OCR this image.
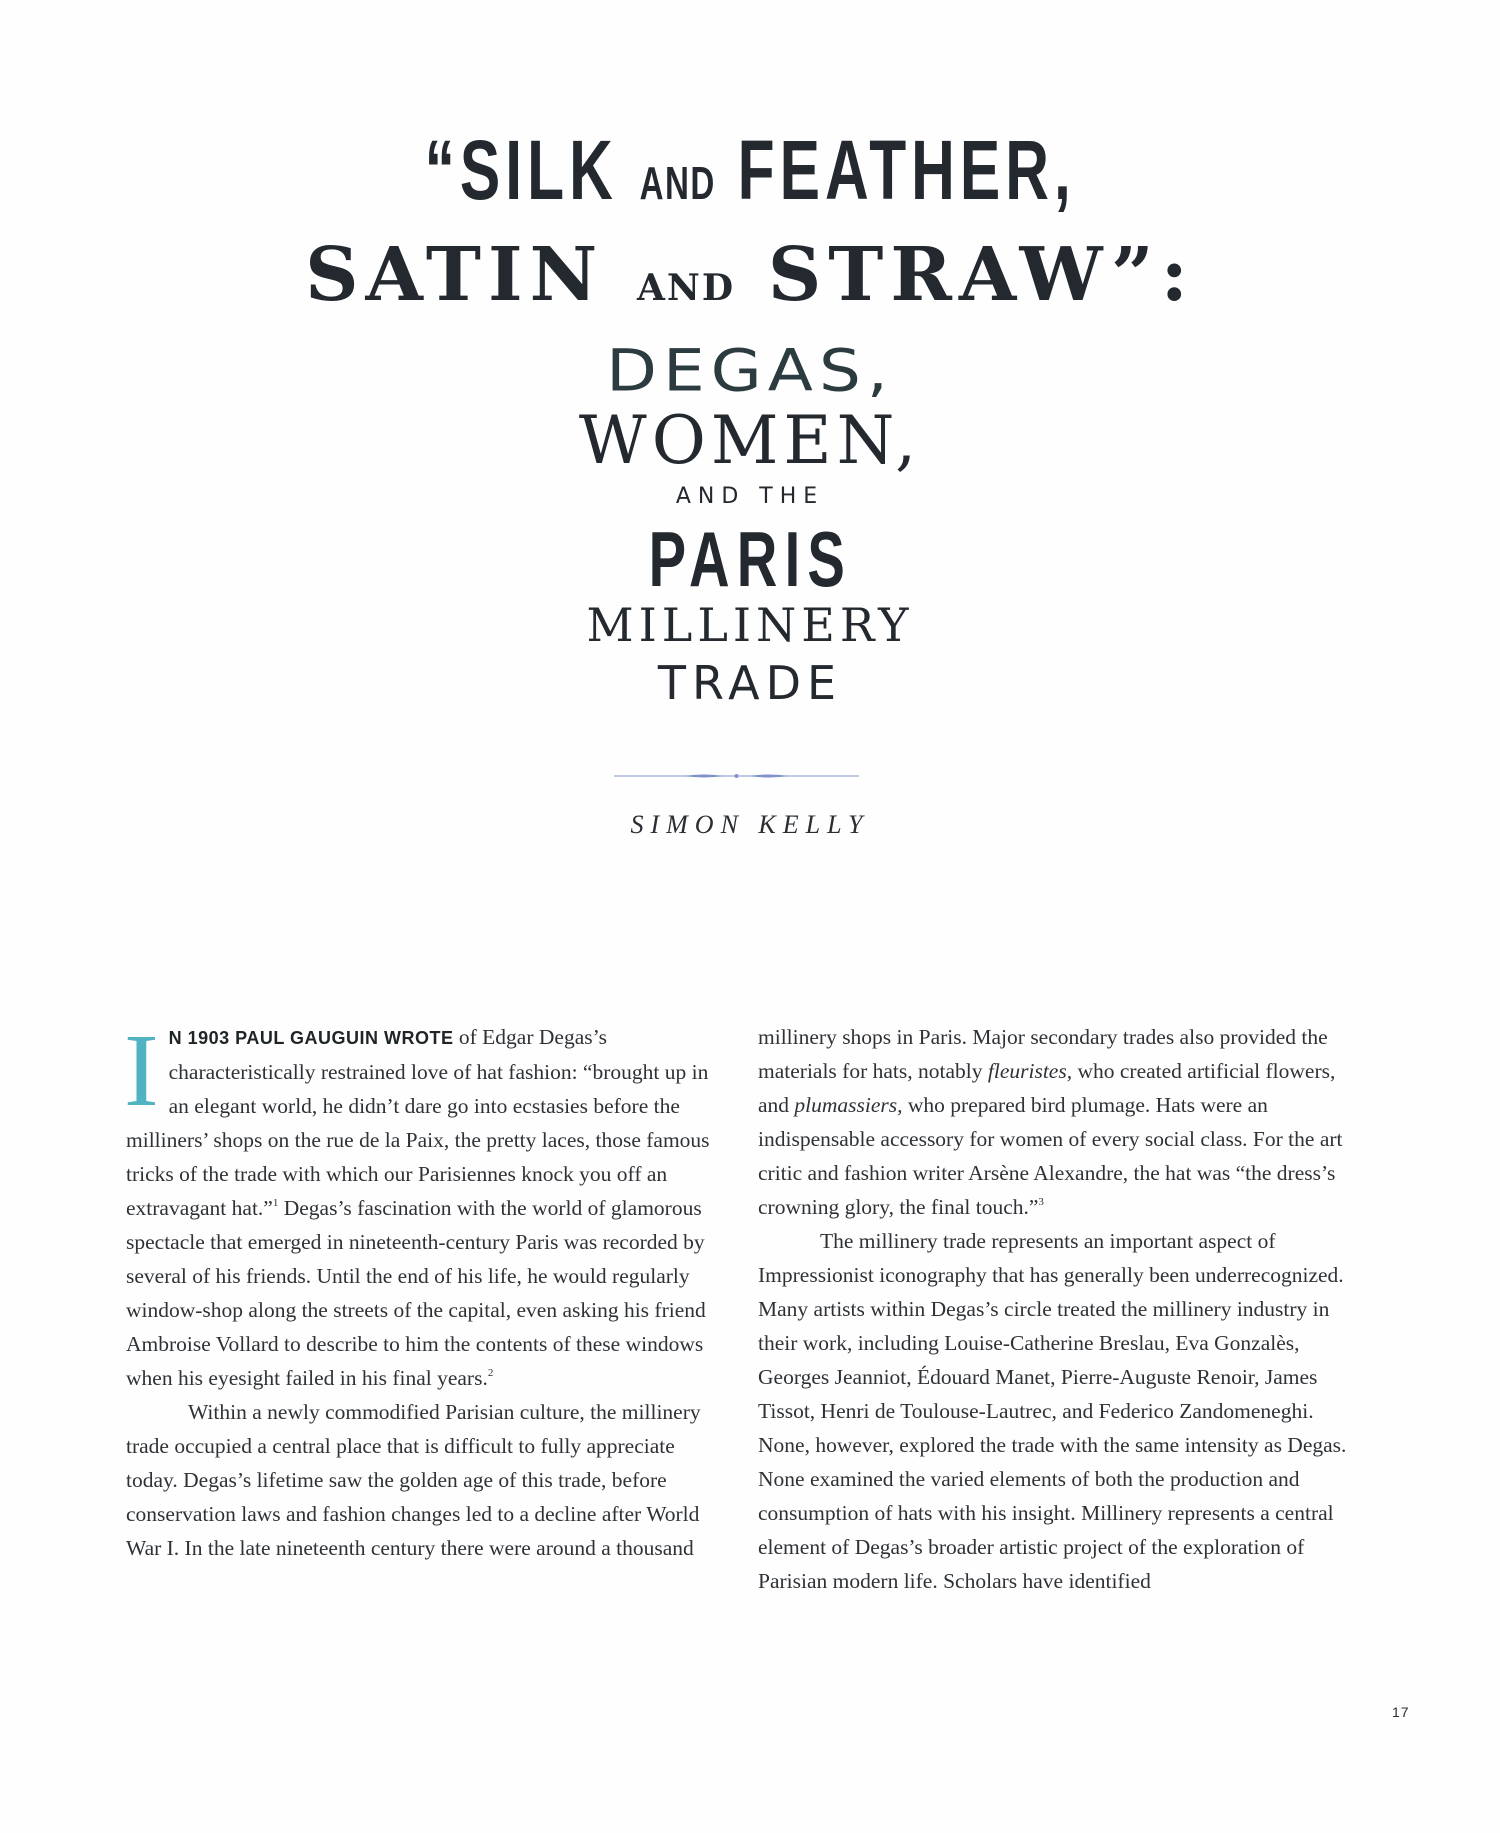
“SILK AND FEATHER,
SATIN AND STRAW”:
DEGAS,
WOMEN,
AND THE
PARIS
MILLINERY
TRADE
SIMON KELLY

I N 1903 PAUL GAUGUIN WROTE of Edgar Degas’s characteristically restrained love of hat fashion: “brought up in an elegant world, he didn’t dare go into ecstasies before the milliners’ shops on the rue de la Paix, the pretty laces, those famous tricks of the trade with which our Parisiennes knock you off an extravagant hat.”$^1$ Degas’s fascination with the world of glamorous spectacle that emerged in nineteenth-century Paris was recorded by several of his friends. Until the end of his life, he would regularly window-shop along the streets of the capital, even asking his friend Ambroise Vollard to describe to him the contents of these windows when his eyesight failed in his final years.$^2$

Within a newly commodified Parisian culture, the millinery trade occupied a central place that is difficult to fully appreciate today. Degas’s lifetime saw the golden age of this trade, before conservation laws and fashion changes led to a decline after World War I. In the late nineteenth century there were around a thousand

millinery shops in Paris. Major secondary trades also provided the materials for hats, notably fleuristes, who created artificial flowers, and plumassiers, who prepared bird plumage. Hats were an indispensable accessory for women of every social class. For the art critic and fashion writer Arsène Alexandre, the hat was “the dress’s crowning glory, the final touch.”$^3$

The millinery trade represents an important aspect of Impressionist iconography that has generally been underrecognized. Many artists within Degas’s circle treated the millinery industry in their work, including Louise-Catherine Breslau, Eva Gonzalès, Georges Jeanniot, Édouard Manet, Pierre-Auguste Renoir, James Tissot, Henri de Toulouse-Lautrec, and Federico Zandomeneghi. None, however, explored the trade with the same intensity as Degas. None examined the varied elements of both the production and consumption of hats with his insight. Millinery represents a central element of Degas’s broader artistic project of the exploration of Parisian modern life. Scholars have identified

17
